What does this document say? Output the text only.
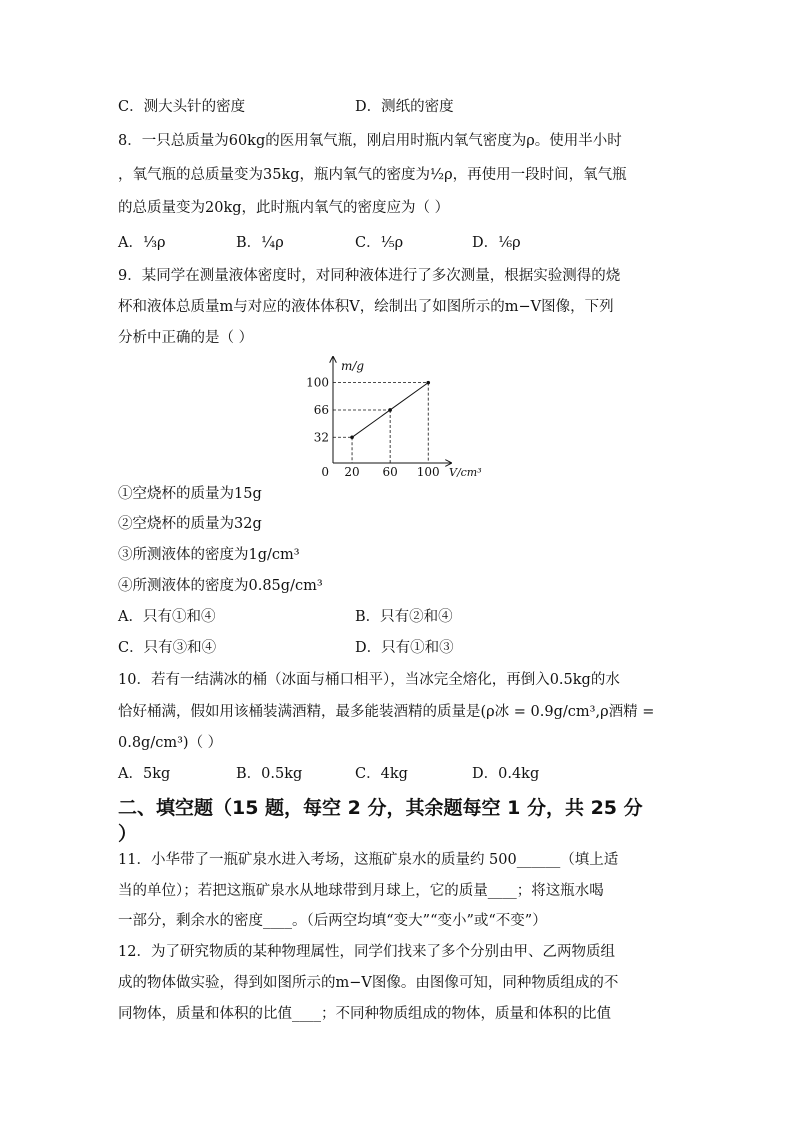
C．测大头针的密度	D．测纸的密度
8．一只总质量为60kg的医用氧气瓶，刚启用时瓶内氧气密度为ρ。使用半小时
，氧气瓶的总质量变为35kg，瓶内氧气的密度为½ρ，再使用一段时间，氧气瓶
的总质量变为20kg，此时瓶内氧气的密度应为（ ）
A．⅓ρ	B．¼ρ	C．⅕ρ	D．⅙ρ
9．某同学在测量液体密度时，对同种液体进行了多次测量，根据实验测得的烧
杯和液体总质量m与对应的液体体积V，绘制出了如图所示的m−V图像，下列
分析中正确的是（ ）
20 60 100
32
66
100
0
m/g
V/cm³
①空烧杯的质量为15g
②空烧杯的质量为32g
③所测液体的密度为1g/cm³
④所测液体的密度为0.85g/cm³
A．只有①和④	B．只有②和④
C．只有③和④	D．只有①和③
10．若有一结满冰的桶（冰面与桶口相平），当冰完全熔化，再倒入0.5kg的水
恰好桶满，假如用该桶装满酒精，最多能装酒精的质量是(ρ冰 = 0.9g/cm³,ρ酒精 =
0.8g/cm³)（ ）
A．5kg	B．0.5kg	C．4kg	D．0.4kg
二、填空题（15 题，每空 2 分，其余题每空 1 分，共 25 分
）
11．小华带了一瓶矿泉水进入考场，这瓶矿泉水的质量约 500______（填上适
当的单位）；若把这瓶矿泉水从地球带到月球上，它的质量____；将这瓶水喝
一部分，剩余水的密度____。（后两空均填“变大”“变小”或“不变”）
12．为了研究物质的某种物理属性，同学们找来了多个分别由甲、乙两物质组
成的物体做实验，得到如图所示的m−V图像。由图像可知，同种物质组成的不
同物体，质量和体积的比值____；不同种物质组成的物体，质量和体积的比值
